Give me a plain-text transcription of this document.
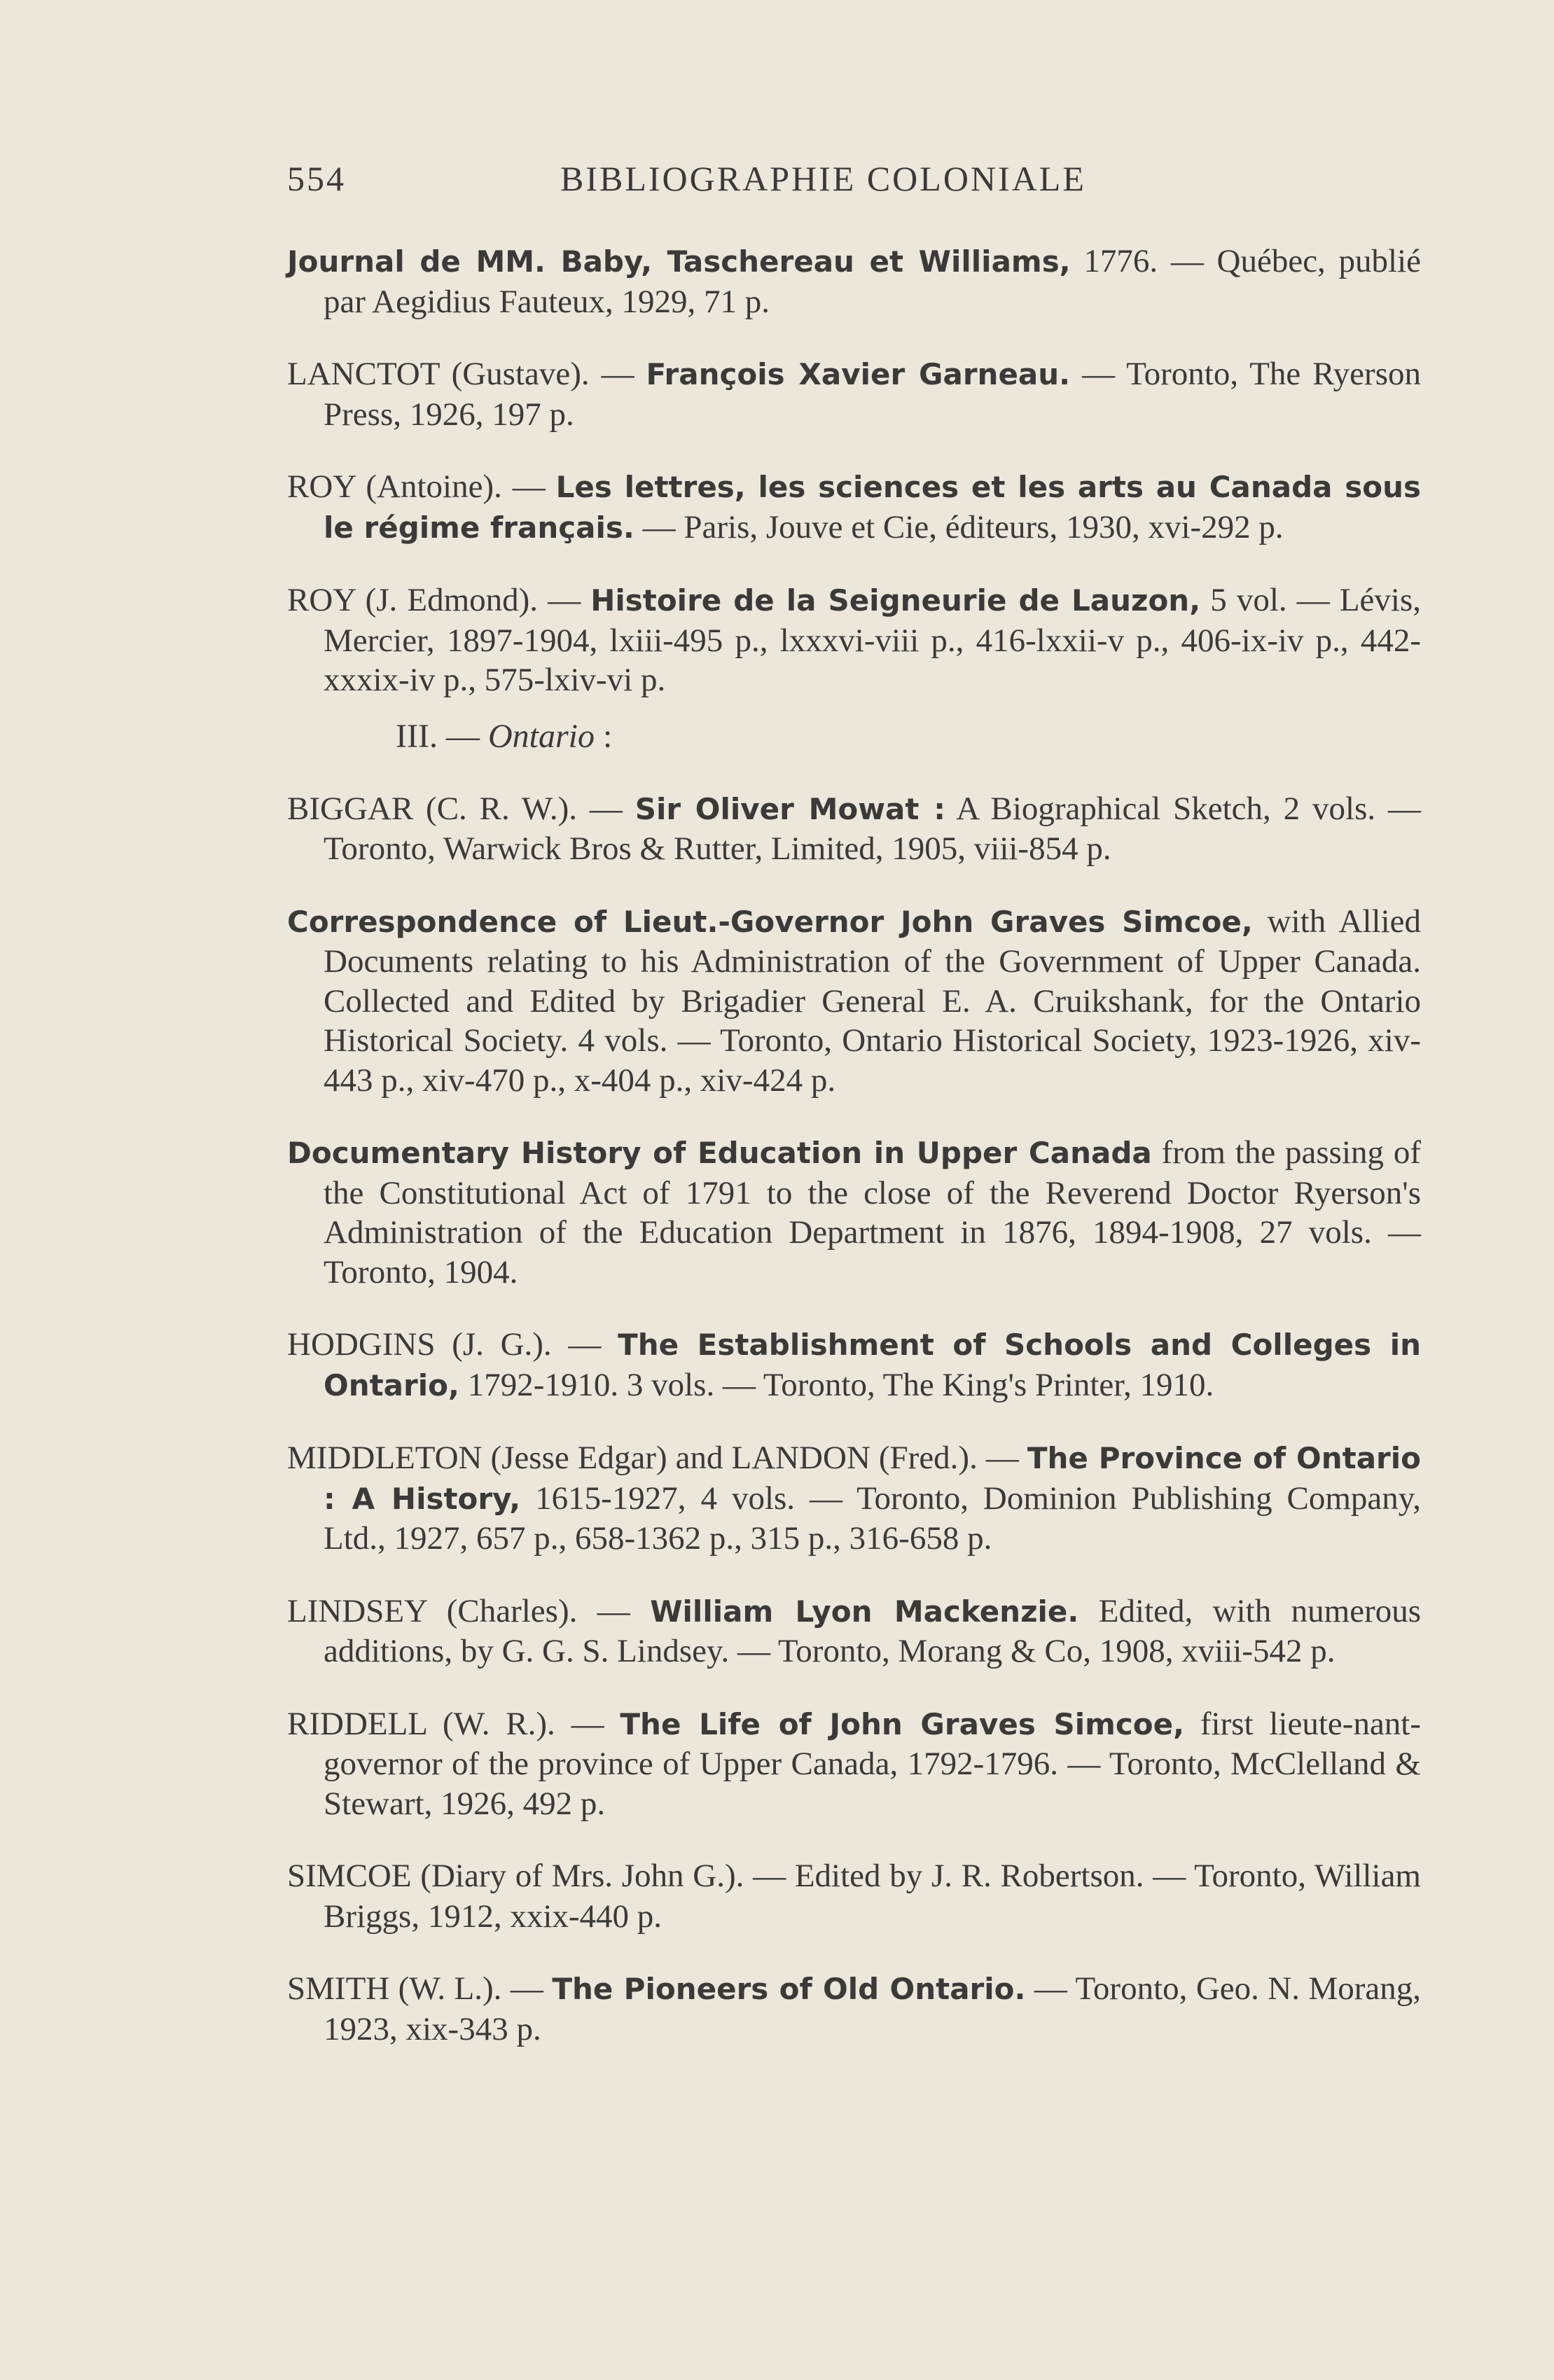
554	BIBLIOGRAPHIE COLONIALE

Journal de MM. Baby, Taschereau et Williams, 1776. — Québec, publié par Aegidius Fauteux, 1929, 71 p.

LANCTOT (Gustave). — François Xavier Garneau. — Toronto, The Ryerson Press, 1926, 197 p.

ROY (Antoine). — Les lettres, les sciences et les arts au Canada sous le régime français. — Paris, Jouve et Cie, éditeurs, 1930, xvi-292 p.

ROY (J. Edmond). — Histoire de la Seigneurie de Lauzon, 5 vol. — Lévis, Mercier, 1897-1904, lxiii-495 p., lxxxvi-viii p., 416-lxxii-v p., 406-ix-iv p., 442-xxxix-iv p., 575-lxiv-vi p.

III. — Ontario :

BIGGAR (C. R. W.). — Sir Oliver Mowat : A Biographical Sketch, 2 vols. — Toronto, Warwick Bros & Rutter, Limited, 1905, viii-854 p.

Correspondence of Lieut.-Governor John Graves Simcoe, with Allied Documents relating to his Administration of the Government of Upper Canada. Collected and Edited by Brigadier General E. A. Cruikshank, for the Ontario Historical Society. 4 vols. — Toronto, Ontario Historical Society, 1923-1926, xiv-443 p., xiv-470 p., x-404 p., xiv-424 p.

Documentary History of Education in Upper Canada from the passing of the Constitutional Act of 1791 to the close of the Reverend Doctor Ryerson's Administration of the Education Department in 1876, 1894-1908, 27 vols. — Toronto, 1904.

HODGINS (J. G.). — The Establishment of Schools and Colleges in Ontario, 1792-1910. 3 vols. — Toronto, The King's Printer, 1910.

MIDDLETON (Jesse Edgar) and LANDON (Fred.). — The Province of Ontario : A History, 1615-1927, 4 vols. — Toronto, Dominion Publishing Company, Ltd., 1927, 657 p., 658-1362 p., 315 p., 316-658 p.

LINDSEY (Charles). — William Lyon Mackenzie. Edited, with numerous additions, by G. G. S. Lindsey. — Toronto, Morang & Co, 1908, xviii-542 p.

RIDDELL (W. R.). — The Life of John Graves Simcoe, first lieute-nant-governor of the province of Upper Canada, 1792-1796. — Toronto, McClelland & Stewart, 1926, 492 p.

SIMCOE (Diary of Mrs. John G.). — Edited by J. R. Robertson. — Toronto, William Briggs, 1912, xxix-440 p.

SMITH (W. L.). — The Pioneers of Old Ontario. — Toronto, Geo. N. Morang, 1923, xix-343 p.
